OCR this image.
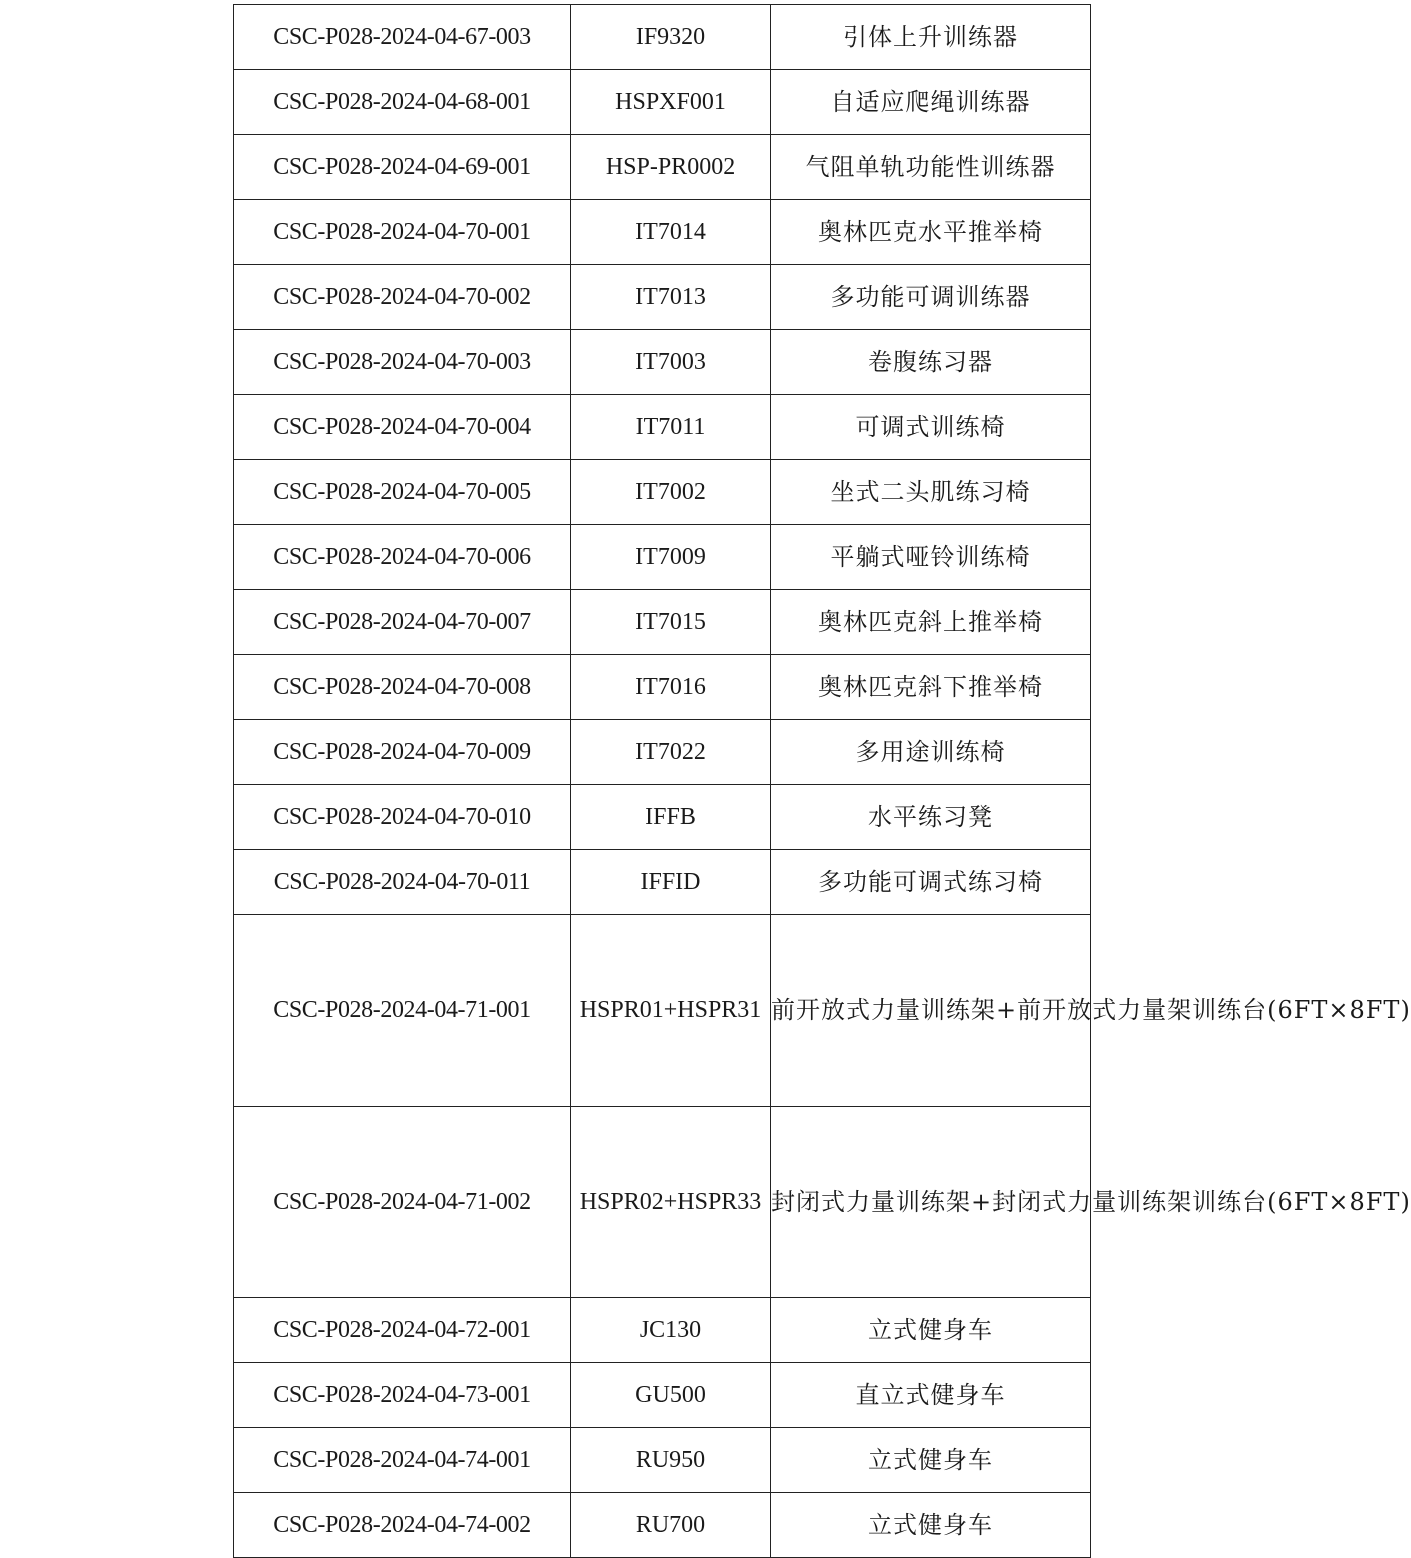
CSC-P028-2024-04-67-003	IF9320	引体上升训练器
CSC-P028-2024-04-68-001	HSPXF001	自适应爬绳训练器
CSC-P028-2024-04-69-001	HSP-PR0002	气阻单轨功能性训练器
CSC-P028-2024-04-70-001	IT7014	奥林匹克水平推举椅
CSC-P028-2024-04-70-002	IT7013	多功能可调训练器
CSC-P028-2024-04-70-003	IT7003	卷腹练习器
CSC-P028-2024-04-70-004	IT7011	可调式训练椅
CSC-P028-2024-04-70-005	IT7002	坐式二头肌练习椅
CSC-P028-2024-04-70-006	IT7009	平躺式哑铃训练椅
CSC-P028-2024-04-70-007	IT7015	奥林匹克斜上推举椅
CSC-P028-2024-04-70-008	IT7016	奥林匹克斜下推举椅
CSC-P028-2024-04-70-009	IT7022	多用途训练椅
CSC-P028-2024-04-70-010	IFFB	水平练习凳
CSC-P028-2024-04-70-011	IFFID	多功能可调式练习椅
CSC-P028-2024-04-71-001	HSPR01+HSPR31	前开放式力量训练架+前开放式力量架训练台(6FT×8FT)
CSC-P028-2024-04-71-002	HSPR02+HSPR33	封闭式力量训练架+封闭式力量训练架训练台(6FT×8FT)
CSC-P028-2024-04-72-001	JC130	立式健身车
CSC-P028-2024-04-73-001	GU500	直立式健身车
CSC-P028-2024-04-74-001	RU950	立式健身车
CSC-P028-2024-04-74-002	RU700	立式健身车
